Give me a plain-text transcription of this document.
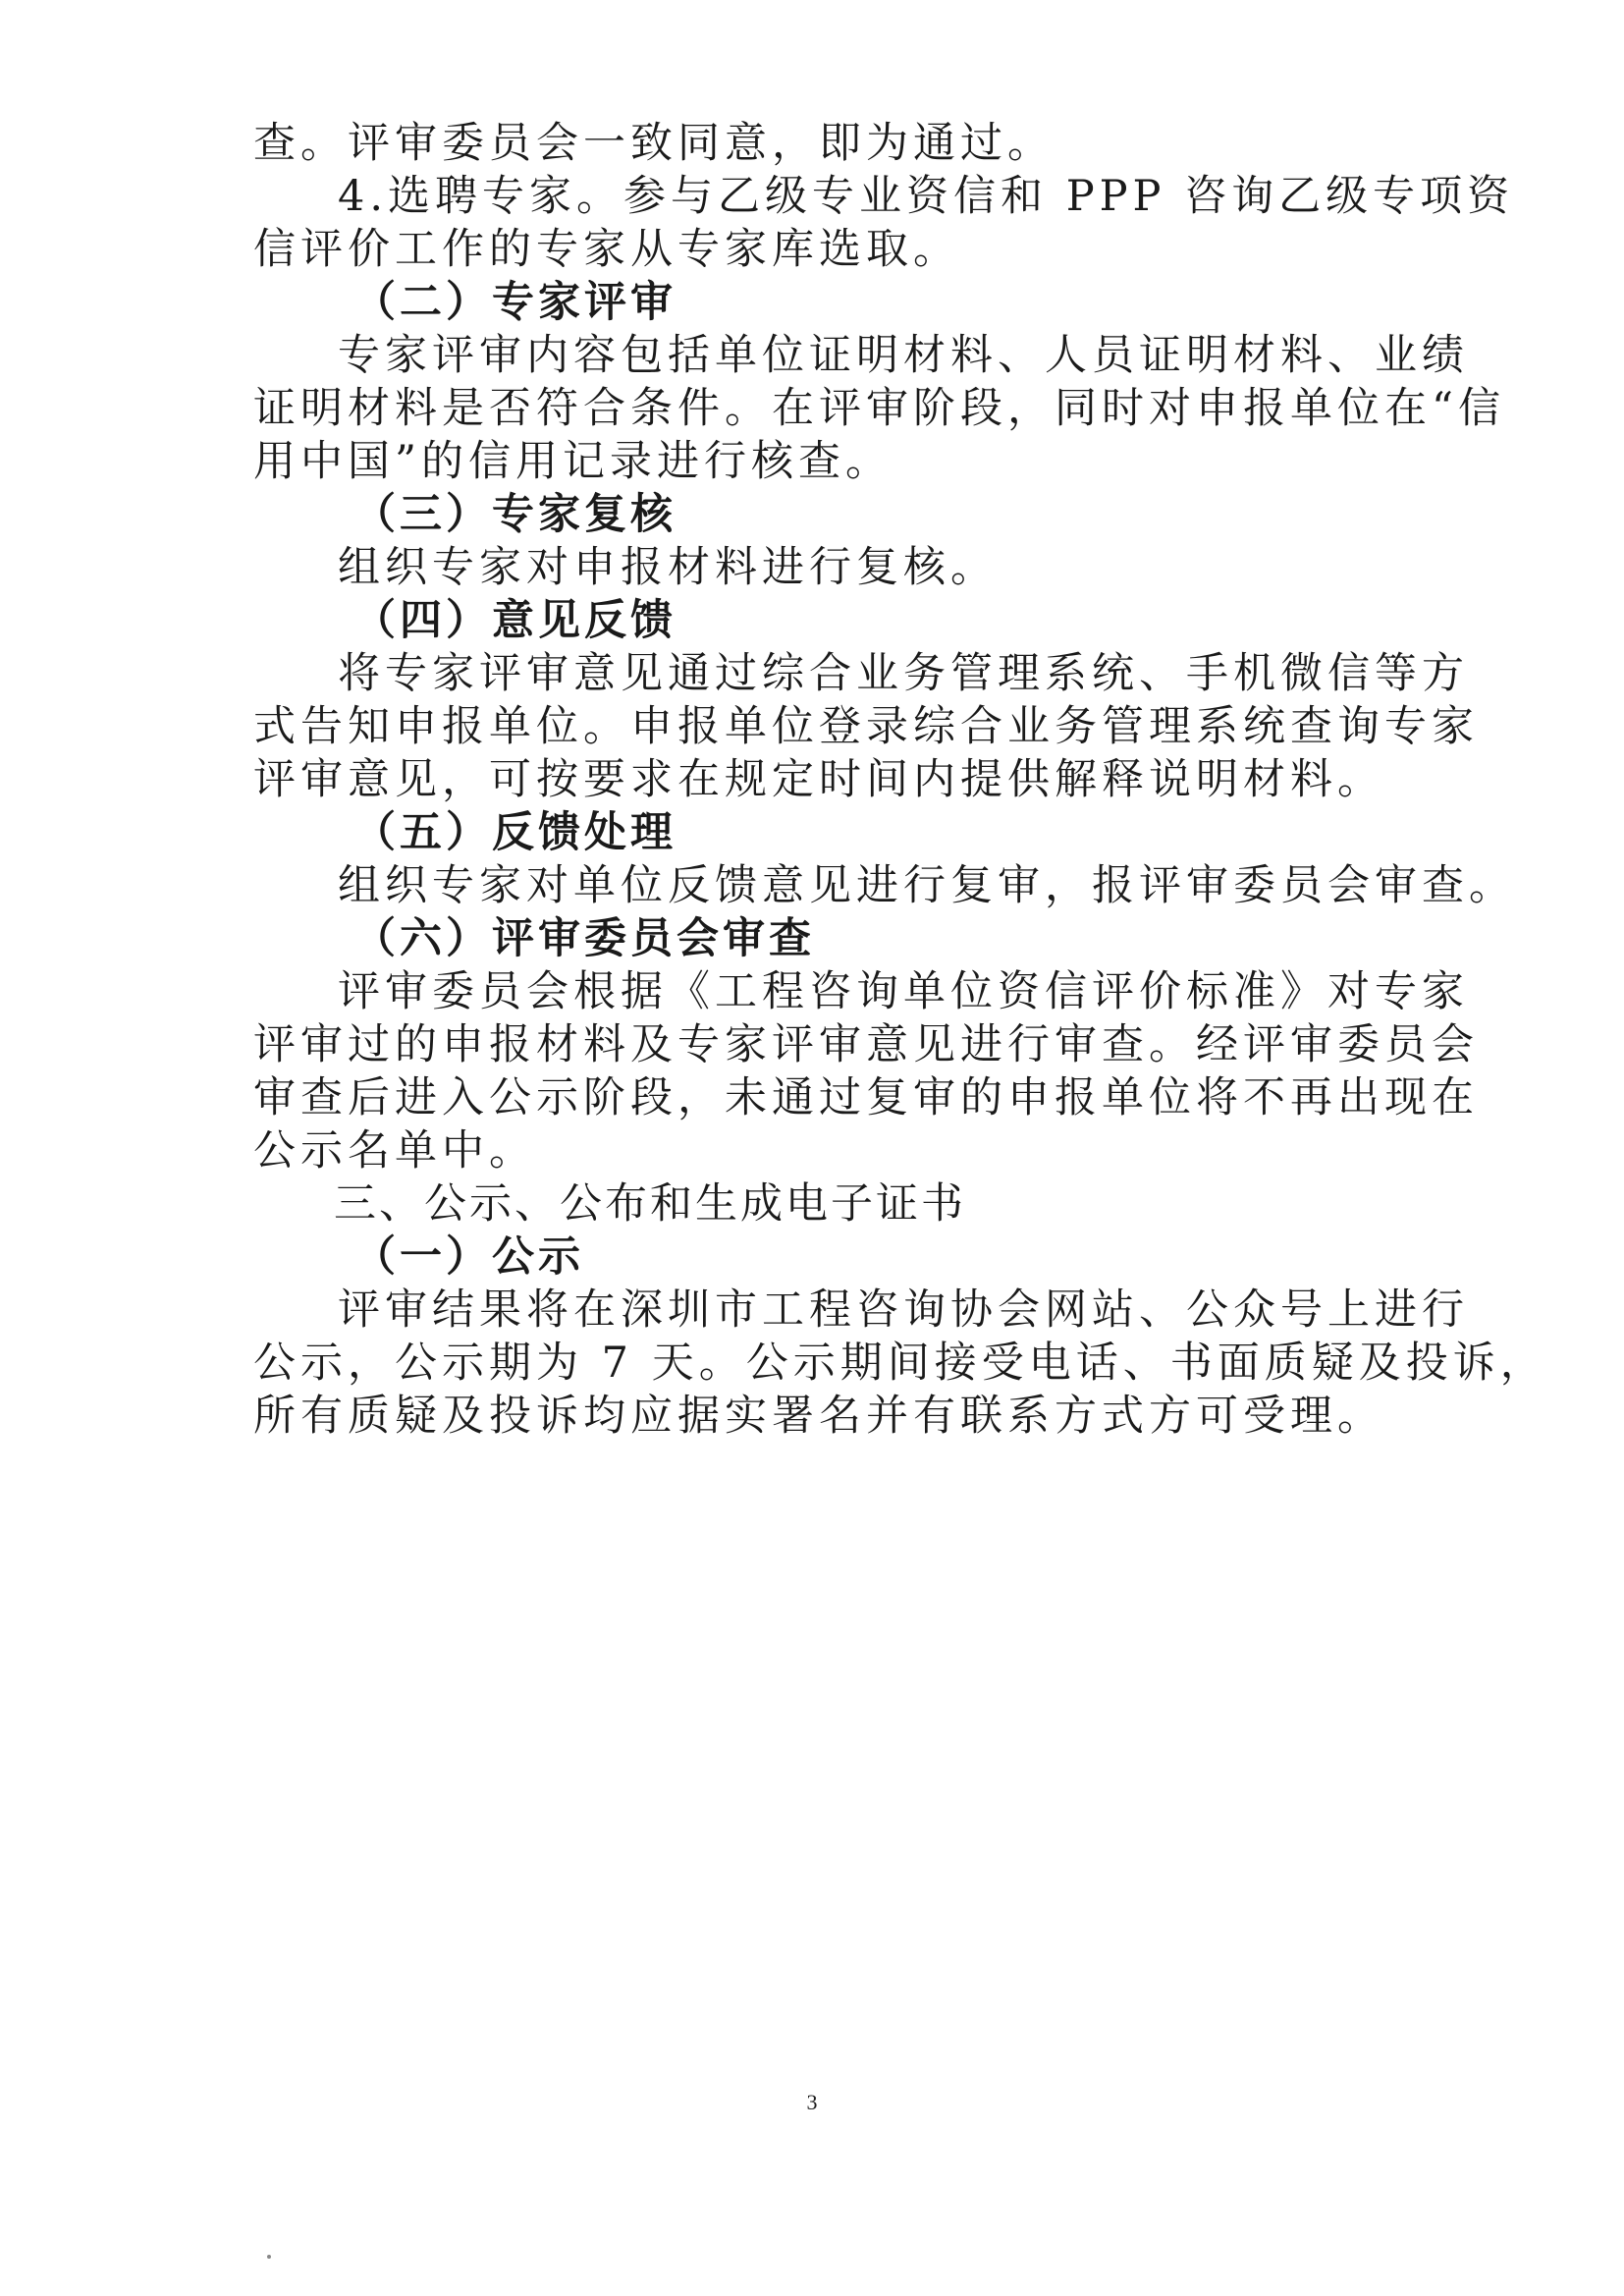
查。评审委员会一致同意，即为通过。
4.选聘专家。参与乙级专业资信和 PPP 咨询乙级专项资
信评价工作的专家从专家库选取。
（二）专家评审
专家评审内容包括单位证明材料、人员证明材料、业绩
证明材料是否符合条件。在评审阶段，同时对申报单位在“信
用中国”的信用记录进行核查。
（三）专家复核
组织专家对申报材料进行复核。
（四）意见反馈
将专家评审意见通过综合业务管理系统、手机微信等方
式告知申报单位。申报单位登录综合业务管理系统查询专家
评审意见，可按要求在规定时间内提供解释说明材料。
（五）反馈处理
组织专家对单位反馈意见进行复审，报评审委员会审查。
（六）评审委员会审查
评审委员会根据《工程咨询单位资信评价标准》对专家
评审过的申报材料及专家评审意见进行审查。经评审委员会
审查后进入公示阶段，未通过复审的申报单位将不再出现在
公示名单中。
三、公示、公布和生成电子证书
（一）公示
评审结果将在深圳市工程咨询协会网站、公众号上进行
公示，公示期为 7 天。公示期间接受电话、书面质疑及投诉，
所有质疑及投诉均应据实署名并有联系方式方可受理。
3
